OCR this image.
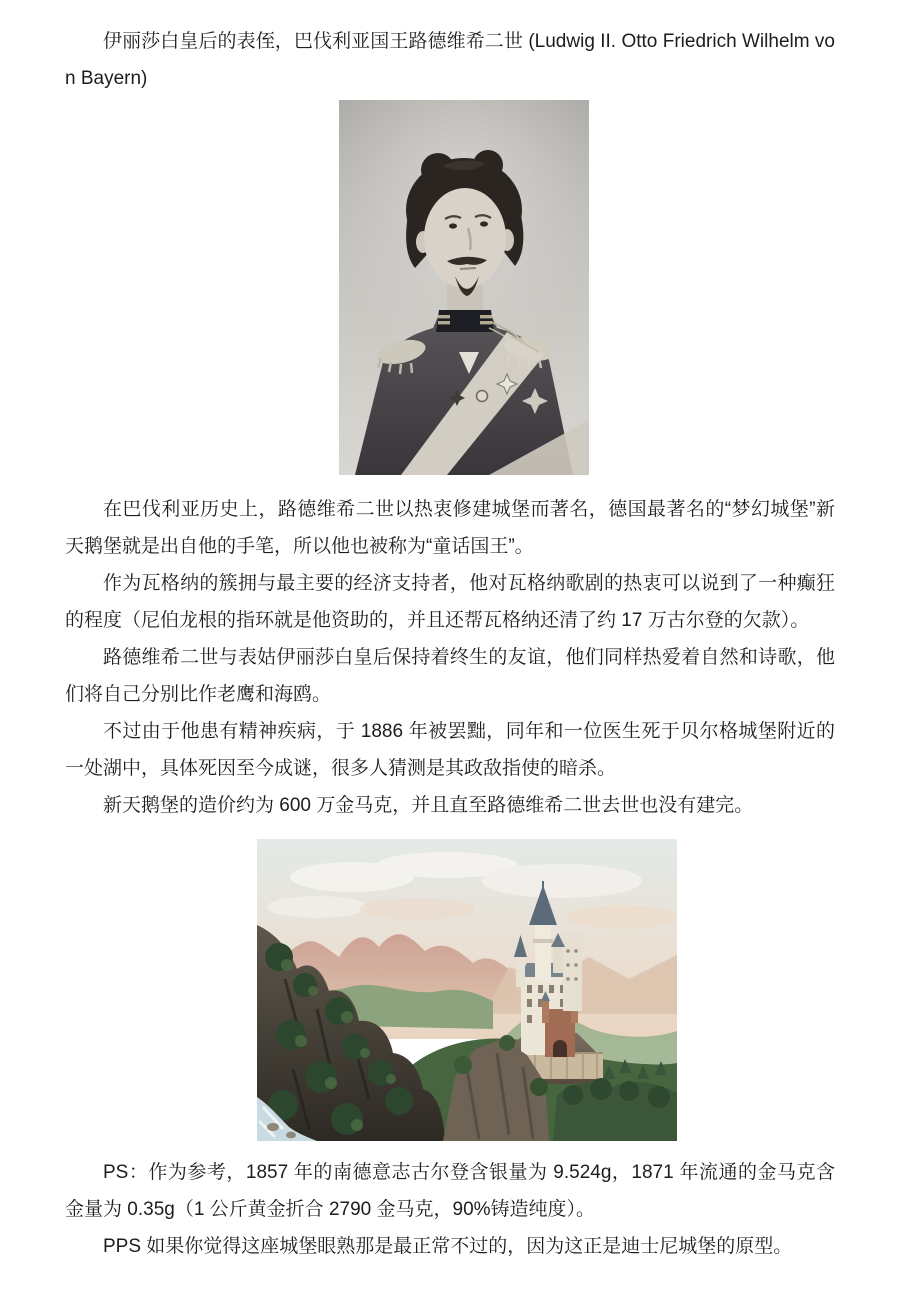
伊丽莎白皇后的表侄，巴伐利亚国王路德维希二世 (Ludwig II. Otto Friedrich Wilhelm von Bayern)

在巴伐利亚历史上，路德维希二世以热衷修建城堡而著名，德国最著名的“梦幻城堡”新天鹅堡就是出自他的手笔，所以他也被称为“童话国王”。

作为瓦格纳的簇拥与最主要的经济支持者，他对瓦格纳歌剧的热衷可以说到了一种癫狂的程度（尼伯龙根的指环就是他资助的，并且还帮瓦格纳还清了约 17 万古尔登的欠款）。

路德维希二世与表姑伊丽莎白皇后保持着终生的友谊，他们同样热爱着自然和诗歌，他们将自己分别比作老鹰和海鸥。

不过由于他患有精神疾病，于 1886 年被罢黜，同年和一位医生死于贝尔格城堡附近的一处湖中，具体死因至今成谜，很多人猜测是其政敌指使的暗杀。

新天鹅堡的造价约为 600 万金马克，并且直至路德维希二世去世也没有建完。

PS：作为参考，1857 年的南德意志古尔登含银量为 9.524g，1871 年流通的金马克含金量为 0.35g（1 公斤黄金折合 2790 金马克，90%铸造纯度）。

PPS 如果你觉得这座城堡眼熟那是最正常不过的，因为这正是迪士尼城堡的原型。
